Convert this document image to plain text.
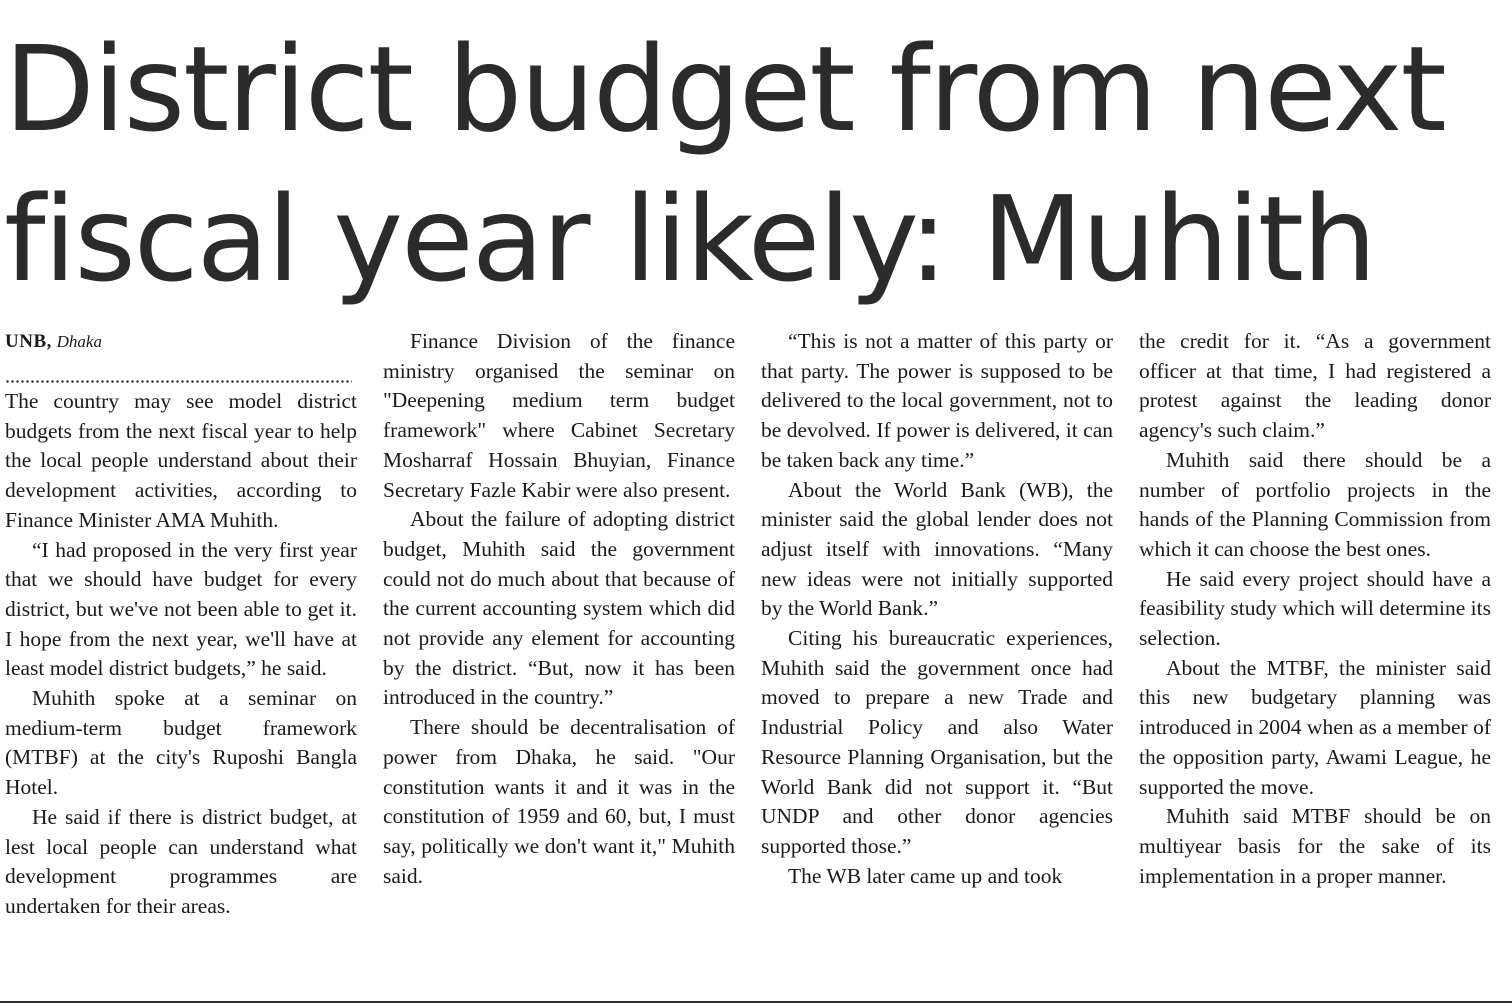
District budget from next
fiscal year likely: Muhith
UNB, Dhaka

The country may see model district budgets from the next fiscal year to help the local people understand about their development activities, according to Finance Minister AMA Muhith.

“I had proposed in the very first year that we should have budget for every district, but we've not been able to get it. I hope from the next year, we'll have at least model district budgets,” he said.

Muhith spoke at a seminar on medium-term budget framework (MTBF) at the city's Ruposhi Bangla Hotel.

He said if there is district budget, at lest local people can understand what development programmes are undertaken for their areas.

Finance Division of the finance ministry organised the seminar on "Deepening medium term budget framework" where Cabinet Secretary Mosharraf Hossain Bhuyian, Finance Secretary Fazle Kabir were also present.

About the failure of adopting district budget, Muhith said the government could not do much about that because of the current accounting system which did not provide any element for accounting by the district. “But, now it has been introduced in the country.”

There should be decentralisation of power from Dhaka, he said. "Our constitution wants it and it was in the constitution of 1959 and 60, but, I must say, politically we don't want it," Muhith said.

“This is not a matter of this party or that party. The power is supposed to be delivered to the local government, not to be devolved. If power is delivered, it can be taken back any time.”

About the World Bank (WB), the minister said the global lender does not adjust itself with innovations. “Many new ideas were not initially supported by the World Bank.”

Citing his bureaucratic experiences, Muhith said the government once had moved to prepare a new Trade and Industrial Policy and also Water Resource Planning Organisation, but the World Bank did not support it. “But UNDP and other donor agencies supported those.”

The WB later came up and took

the credit for it. “As a government officer at that time, I had registered a protest against the leading donor agency's such claim.”

Muhith said there should be a number of portfolio projects in the hands of the Planning Commission from which it can choose the best ones.

He said every project should have a feasibility study which will determine its selection.

About the MTBF, the minister said this new budgetary planning was introduced in 2004 when as a member of the opposition party, Awami League, he supported the move.

Muhith said MTBF should be on multiyear basis for the sake of its implementation in a proper manner.
